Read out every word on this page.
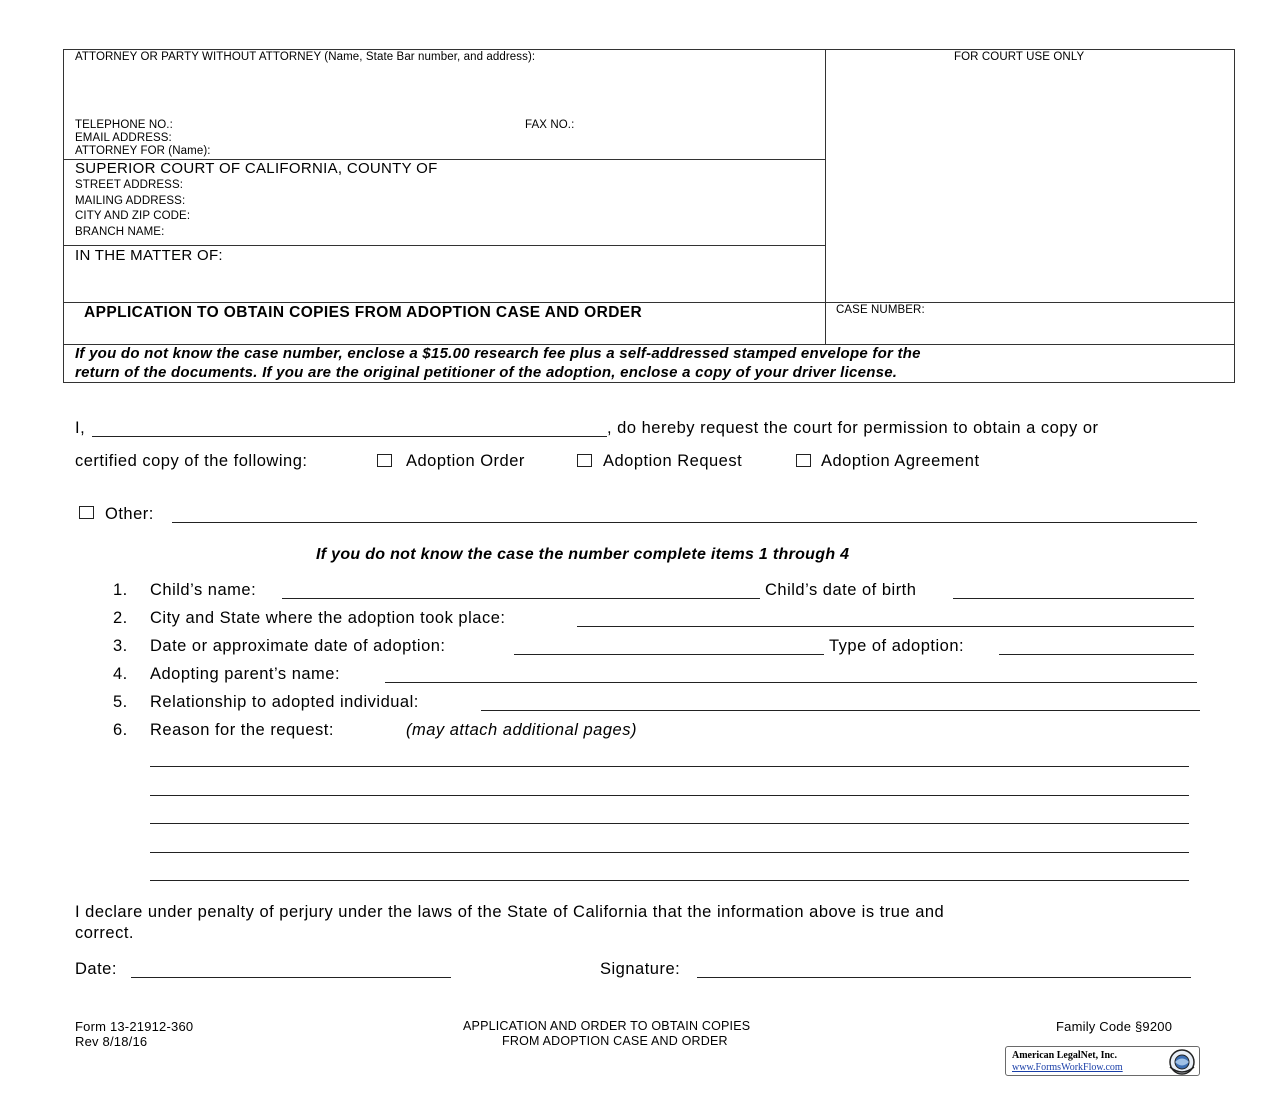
ATTORNEY OR PARTY WITHOUT ATTORNEY (Name, State Bar number, and address):
TELEPHONE NO.:	FAX NO.:
EMAIL ADDRESS:
ATTORNEY FOR (Name):
FOR COURT USE ONLY
SUPERIOR COURT OF CALIFORNIA, COUNTY OF
STREET ADDRESS:
MAILING ADDRESS:
CITY AND ZIP CODE:
BRANCH NAME:
IN THE MATTER OF:
APPLICATION TO OBTAIN COPIES FROM ADOPTION CASE AND ORDER	CASE NUMBER:
If you do not know the case number, enclose a $15.00 research fee plus a self-addressed stamped envelope for the
return of the documents. If you are the original petitioner of the adoption, enclose a copy of your driver license.
I,	, do hereby request the court for permission to obtain a copy or
certified copy of the following:	Adoption Order	Adoption Request	Adoption Agreement
Other:
If you do not know the case the number complete items 1 through 4
1. Child’s name:	Child’s date of birth
2. City and State where the adoption took place:
3. Date or approximate date of adoption:	Type of adoption:
4. Adopting parent’s name:
5. Relationship to adopted individual:
6. Reason for the request:	(may attach additional pages)
I declare under penalty of perjury under the laws of the State of California that the information above is true and
correct.
Date:	Signature:
Form 13-21912-360
Rev 8/18/16
APPLICATION AND ORDER TO OBTAIN COPIES
FROM ADOPTION CASE AND ORDER
Family Code §9200
American LegalNet, Inc.
www.FormsWorkFlow.com
